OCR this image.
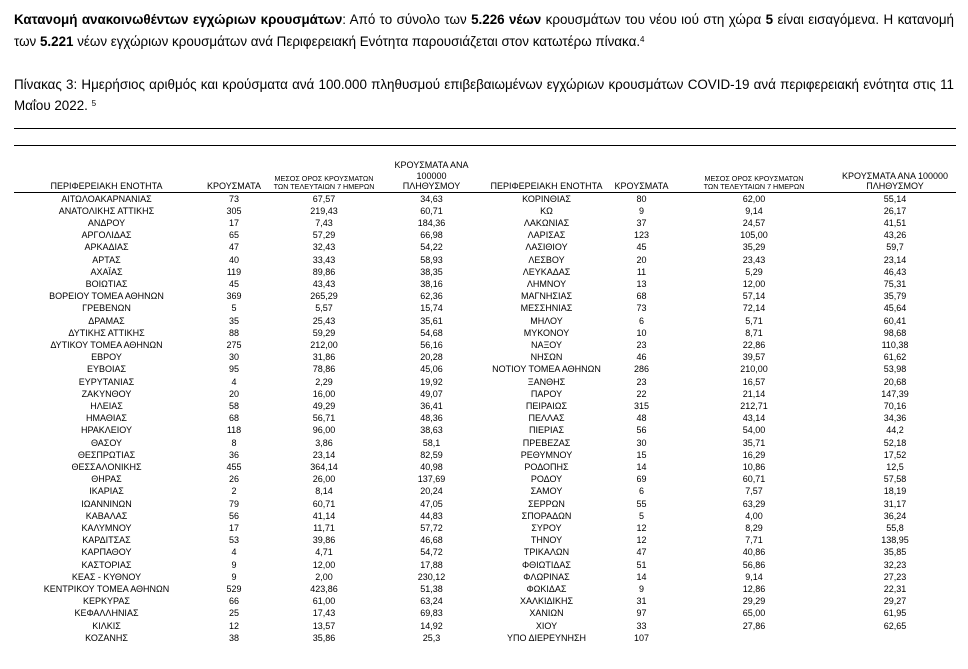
Κατανομή ανακοινωθέντων εγχώριων κρουσμάτων: Από το σύνολο των 5.226 νέων κρουσμάτων του νέου ιού στη χώρα 5 είναι εισαγόμενα. Η κατανομή των 5.221 νέων εγχώριων κρουσμάτων ανά Περιφερειακή Ενότητα παρουσιάζεται στον κατωτέρω πίνακα.$^4$
Πίνακας 3: Ημερήσιος αριθμός και κρούσματα ανά 100.000 πληθυσμού επιβεβαιωμένων εγχώριων κρουσμάτων COVID-19 ανά περιφερειακή ενότητα στις 11 Μαΐου 2022. $^5$
ΠΕΡΙΦΕΡΕΙΑΚΗ ΕΝΟΤΗΤΑ	ΚΡΟΥΣΜΑΤΑ	ΜΕΣΟΣ ΟΡΟΣ ΚΡΟΥΣΜΑΤΩΝ
ΤΩΝ ΤΕΛΕΥΤΑΙΩΝ 7 ΗΜΕΡΩΝ	ΚΡΟΥΣΜΑΤΑ ΑΝΑ 100000
ΠΛΗΘΥΣΜΟΥ	ΠΕΡΙΦΕΡΕΙΑΚΗ ΕΝΟΤΗΤΑ	ΚΡΟΥΣΜΑΤΑ	ΜΕΣΟΣ ΟΡΟΣ ΚΡΟΥΣΜΑΤΩΝ
ΤΩΝ ΤΕΛΕΥΤΑΙΩΝ 7 ΗΜΕΡΩΝ	ΚΡΟΥΣΜΑΤΑ ΑΝΑ 100000
ΠΛΗΘΥΣΜΟΥ
ΑΙΤΩΛΟΑΚΑΡΝΑΝΙΑΣ	73	67,57	34,63	ΚΟΡΙΝΘΙΑΣ	80	62,00	55,14
ΑΝΑΤΟΛΙΚΗΣ ΑΤΤΙΚΗΣ	305	219,43	60,71	ΚΩ	9	9,14	26,17
ΑΝΔΡΟΥ	17	7,43	184,36	ΛΑΚΩΝΙΑΣ	37	24,57	41,51
ΑΡΓΟΛΙΔΑΣ	65	57,29	66,98	ΛΑΡΙΣΑΣ	123	105,00	43,26
ΑΡΚΑΔΙΑΣ	47	32,43	54,22	ΛΑΣΙΘΙΟΥ	45	35,29	59,7
ΑΡΤΑΣ	40	33,43	58,93	ΛΕΣΒΟΥ	20	23,43	23,14
ΑΧΑΪΑΣ	119	89,86	38,35	ΛΕΥΚΑΔΑΣ	11	5,29	46,43
ΒΟΙΩΤΙΑΣ	45	43,43	38,16	ΛΗΜΝΟΥ	13	12,00	75,31
ΒΟΡΕΙΟΥ ΤΟΜΕΑ ΑΘΗΝΩΝ	369	265,29	62,36	ΜΑΓΝΗΣΙΑΣ	68	57,14	35,79
ΓΡΕΒΕΝΩΝ	5	5,57	15,74	ΜΕΣΣΗΝΙΑΣ	73	72,14	45,64
ΔΡΑΜΑΣ	35	25,43	35,61	ΜΗΛΟΥ	6	5,71	60,41
ΔΥΤΙΚΗΣ ΑΤΤΙΚΗΣ	88	59,29	54,68	ΜΥΚΟΝΟΥ	10	8,71	98,68
ΔΥΤΙΚΟΥ ΤΟΜΕΑ ΑΘΗΝΩΝ	275	212,00	56,16	ΝΑΞΟΥ	23	22,86	110,38
ΕΒΡΟΥ	30	31,86	20,28	ΝΗΣΩΝ	46	39,57	61,62
ΕΥΒΟΙΑΣ	95	78,86	45,06	ΝΟΤΙΟΥ ΤΟΜΕΑ ΑΘΗΝΩΝ	286	210,00	53,98
ΕΥΡΥΤΑΝΙΑΣ	4	2,29	19,92	ΞΑΝΘΗΣ	23	16,57	20,68
ΖΑΚΥΝΘΟΥ	20	16,00	49,07	ΠΑΡΟΥ	22	21,14	147,39
ΗΛΕΙΑΣ	58	49,29	36,41	ΠΕΙΡΑΙΩΣ	315	212,71	70,16
ΗΜΑΘΙΑΣ	68	56,71	48,36	ΠΕΛΛΑΣ	48	43,14	34,36
ΗΡΑΚΛΕΙΟΥ	118	96,00	38,63	ΠΙΕΡΙΑΣ	56	54,00	44,2
ΘΑΣΟΥ	8	3,86	58,1	ΠΡΕΒΕΖΑΣ	30	35,71	52,18
ΘΕΣΠΡΩΤΙΑΣ	36	23,14	82,59	ΡΕΘΥΜΝΟΥ	15	16,29	17,52
ΘΕΣΣΑΛΟΝΙΚΗΣ	455	364,14	40,98	ΡΟΔΟΠΗΣ	14	10,86	12,5
ΘΗΡΑΣ	26	26,00	137,69	ΡΟΔΟΥ	69	60,71	57,58
ΙΚΑΡΙΑΣ	2	8,14	20,24	ΣΑΜΟΥ	6	7,57	18,19
ΙΩΑΝΝΙΝΩΝ	79	60,71	47,05	ΣΕΡΡΩΝ	55	63,29	31,17
ΚΑΒΑΛΑΣ	56	41,14	44,83	ΣΠΟΡΑΔΩΝ	5	4,00	36,24
ΚΑΛΥΜΝΟΥ	17	11,71	57,72	ΣΥΡΟΥ	12	8,29	55,8
ΚΑΡΔΙΤΣΑΣ	53	39,86	46,68	ΤΗΝΟΥ	12	7,71	138,95
ΚΑΡΠΑΘΟΥ	4	4,71	54,72	ΤΡΙΚΑΛΩΝ	47	40,86	35,85
ΚΑΣΤΟΡΙΑΣ	9	12,00	17,88	ΦΘΙΩΤΙΔΑΣ	51	56,86	32,23
ΚΕΑΣ - ΚΥΘΝΟΥ	9	2,00	230,12	ΦΛΩΡΙΝΑΣ	14	9,14	27,23
ΚΕΝΤΡΙΚΟΥ ΤΟΜΕΑ ΑΘΗΝΩΝ	529	423,86	51,38	ΦΩΚΙΔΑΣ	9	12,86	22,31
ΚΕΡΚΥΡΑΣ	66	61,00	63,24	ΧΑΛΚΙΔΙΚΗΣ	31	29,29	29,27
ΚΕΦΑΛΛΗΝΙΑΣ	25	17,43	69,83	ΧΑΝΙΩΝ	97	65,00	61,95
ΚΙΛΚΙΣ	12	13,57	14,92	ΧΙΟΥ	33	27,86	62,65
ΚΟΖΑΝΗΣ	38	35,86	25,3	ΥΠΟ ΔΙΕΡΕΥΝΗΣΗ	107		
